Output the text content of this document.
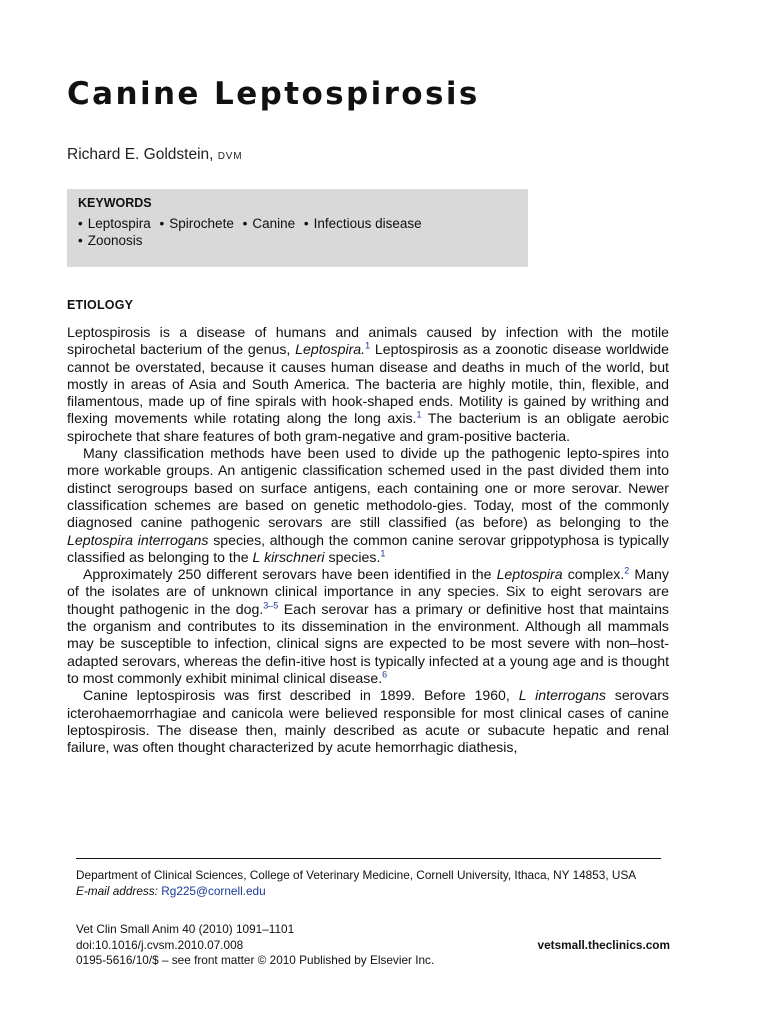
Canine Leptospirosis
Richard E. Goldstein, DVM
KEYWORDS
• Leptospira • Spirochete • Canine • Infectious disease
• Zoonosis
ETIOLOGY

Leptospirosis is a disease of humans and animals caused by infection with the motile spirochetal bacterium of the genus, Leptospira.$^1$ Leptospirosis as a zoonotic disease worldwide cannot be overstated, because it causes human disease and deaths in much of the world, but mostly in areas of Asia and South America. The bacteria are highly motile, thin, flexible, and filamentous, made up of fine spirals with hook-shaped ends. Motility is gained by writhing and flexing movements while rotating along the long axis.$^1$ The bacterium is an obligate aerobic spirochete that share features of both gram-negative and gram-positive bacteria.

Many classification methods have been used to divide up the pathogenic lepto-spires into more workable groups. An antigenic classification schemed used in the past divided them into distinct serogroups based on surface antigens, each containing one or more serovar. Newer classification schemes are based on genetic methodolo-gies. Today, most of the commonly diagnosed canine pathogenic serovars are still classified (as before) as belonging to the Leptospira interrogans species, although the common canine serovar grippotyphosa is typically classified as belonging to the L kirschneri species.$^1$

Approximately 250 different serovars have been identified in the Leptospira complex.$^2$ Many of the isolates are of unknown clinical importance in any species. Six to eight serovars are thought pathogenic in the dog.$^{3-5}$ Each serovar has a primary or definitive host that maintains the organism and contributes to its dissemination in the environment. Although all mammals may be susceptible to infection, clinical signs are expected to be most severe with non–host-adapted serovars, whereas the defin-itive host is typically infected at a young age and is thought to most commonly exhibit minimal clinical disease.$^6$

Canine leptospirosis was first described in 1899. Before 1960, L interrogans serovars icterohaemorrhagiae and canicola were believed responsible for most clinical cases of canine leptospirosis. The disease then, mainly described as acute or subacute hepatic and renal failure, was often thought characterized by acute hemorrhagic diathesis,

Department of Clinical Sciences, College of Veterinary Medicine, Cornell University, Ithaca, NY 14853, USA
E-mail address: Rg225@cornell.edu
Vet Clin Small Anim 40 (2010) 1091–1101
doi:10.1016/j.cvsm.2010.07.008	vetsmall.theclinics.com
0195-5616/10/$ – see front matter © 2010 Published by Elsevier Inc.
